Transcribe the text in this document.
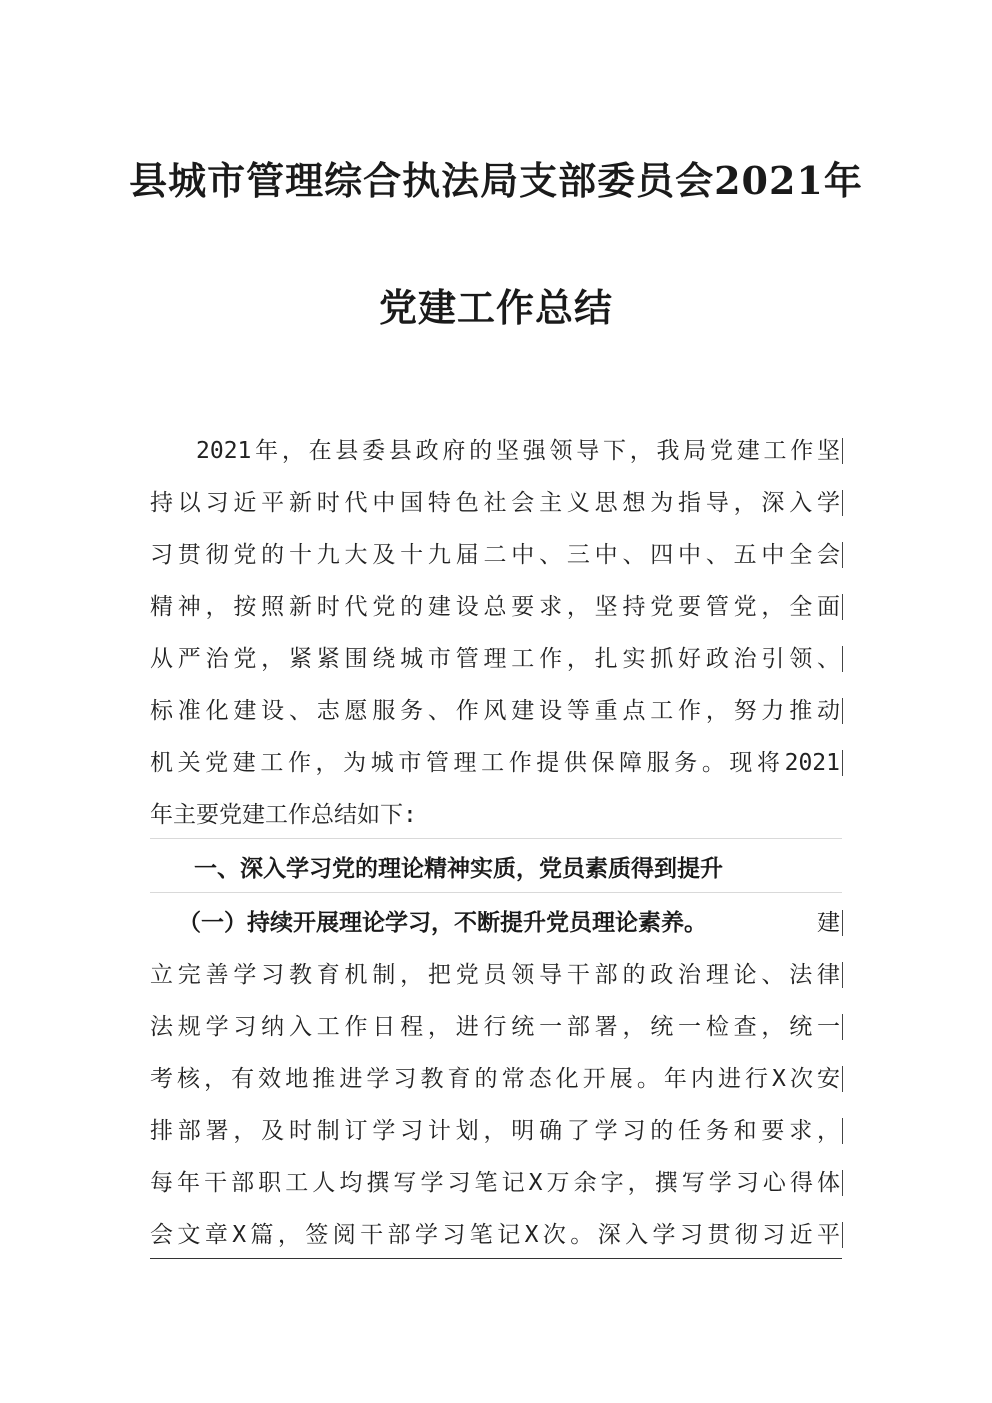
县城市管理综合执法局支部委员会2021年
党建工作总结
2021年，在县委县政府的坚强领导下，我局党建工作坚
持以习近平新时代中国特色社会主义思想为指导，深入学
习贯彻党的十九大及十九届二中、三中、四中、五中全会
精神，按照新时代党的建设总要求，坚持党要管党，全面
从严治党，紧紧围绕城市管理工作，扎实抓好政治引领、
标准化建设、志愿服务、作风建设等重点工作，努力推动
机关党建工作，为城市管理工作提供保障服务。现将2021
年主要党建工作总结如下:
一、深入学习党的理论精神实质，党员素质得到提升
（一）持续开展理论学习，不断提升党员理论素养。	建
立完善学习教育机制，把党员领导干部的政治理论、法律
法规学习纳入工作日程，进行统一部署，统一检查，统一
考核，有效地推进学习教育的常态化开展。年内进行X次安
排部署，及时制订学习计划，明确了学习的任务和要求，
每年干部职工人均撰写学习笔记X万余字，撰写学习心得体
会文章X篇，签阅干部学习笔记X次。深入学习贯彻习近平
